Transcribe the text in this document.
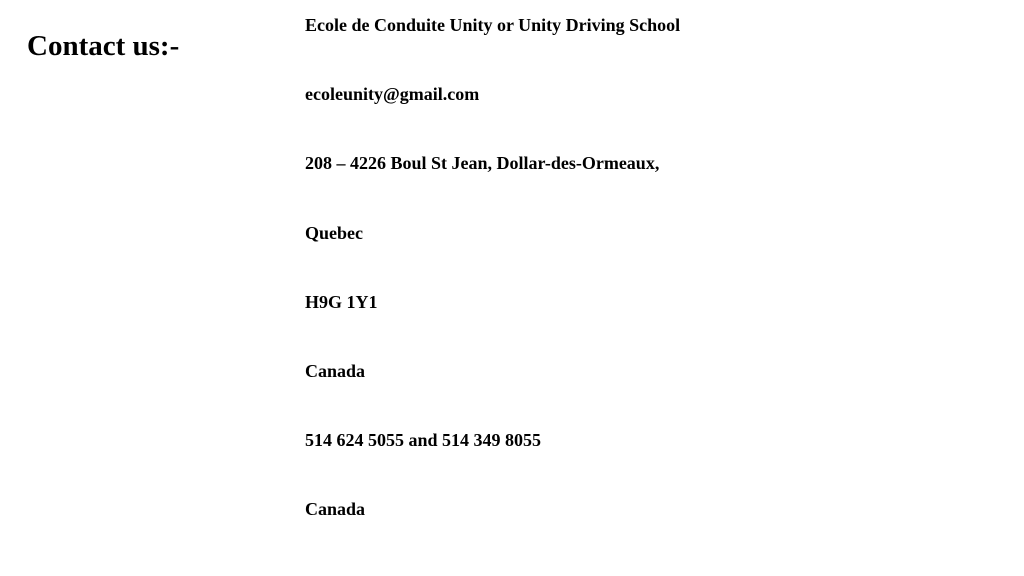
Contact us:-
Ecole de Conduite Unity or Unity Driving School
ecoleunity@gmail.com
208 – 4226 Boul St Jean, Dollar-des-Ormeaux,
Quebec
H9G 1Y1
Canada
514 624 5055 and 514 349 8055
Canada
